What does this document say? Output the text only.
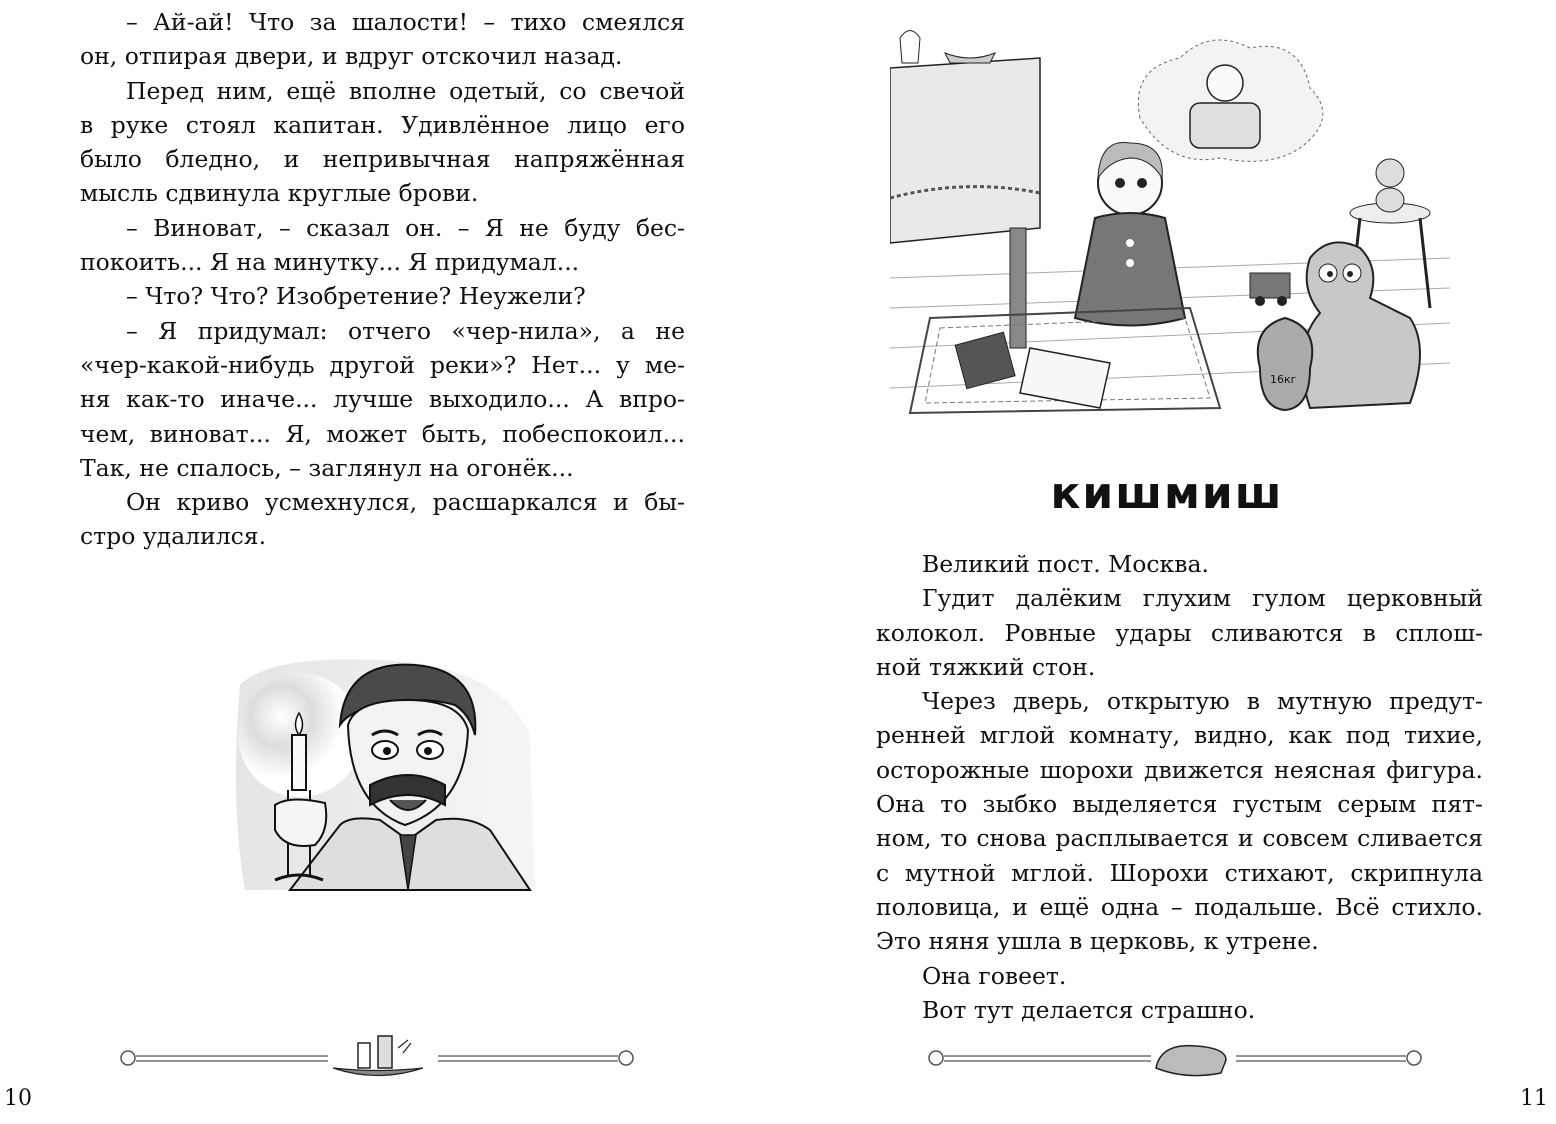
– Ай-ай! Что за шалости! – тихо смеялся

он, отпирая двери, и вдруг отскочил назад.

Перед ним, ещё вполне одетый, со свечой

в руке стоял капитан. Удивлённое лицо его

было бледно, и непривычная напряжённая

мысль сдвинула круглые брови.

– Виноват, – сказал он. – Я не буду бес-

покоить... Я на минутку... Я придумал...

– Что? Что? Изобретение? Неужели?

– Я придумал: отчего «чер-нила», а не

«чер-какой-нибудь другой реки»? Нет... у ме-

ня как-то иначе... лучше выходило... А впро-

чем, виноват... Я, может быть, побеспокоил...

Так, не спалось, – заглянул на огонёк...

Он криво усмехнулся, расшаркался и бы-

стро удалился.

10
16кг
кишмиш

Великий пост. Москва.

Гудит далёким глухим гулом церковный

колокол. Ровные удары сливаются в сплош-

ной тяжкий стон.

Через дверь, открытую в мутную предут-

ренней мглой комнату, видно, как под тихие,

осторожные шорохи движется неясная фигура.

Она то зыбко выделяется густым серым пят-

ном, то снова расплывается и совсем сливается

с мутной мглой. Шорохи стихают, скрипнула

половица, и ещё одна – подальше. Всё стихло.

Это няня ушла в церковь, к утрене.

Она говеет.

Вот тут делается страшно.

11
